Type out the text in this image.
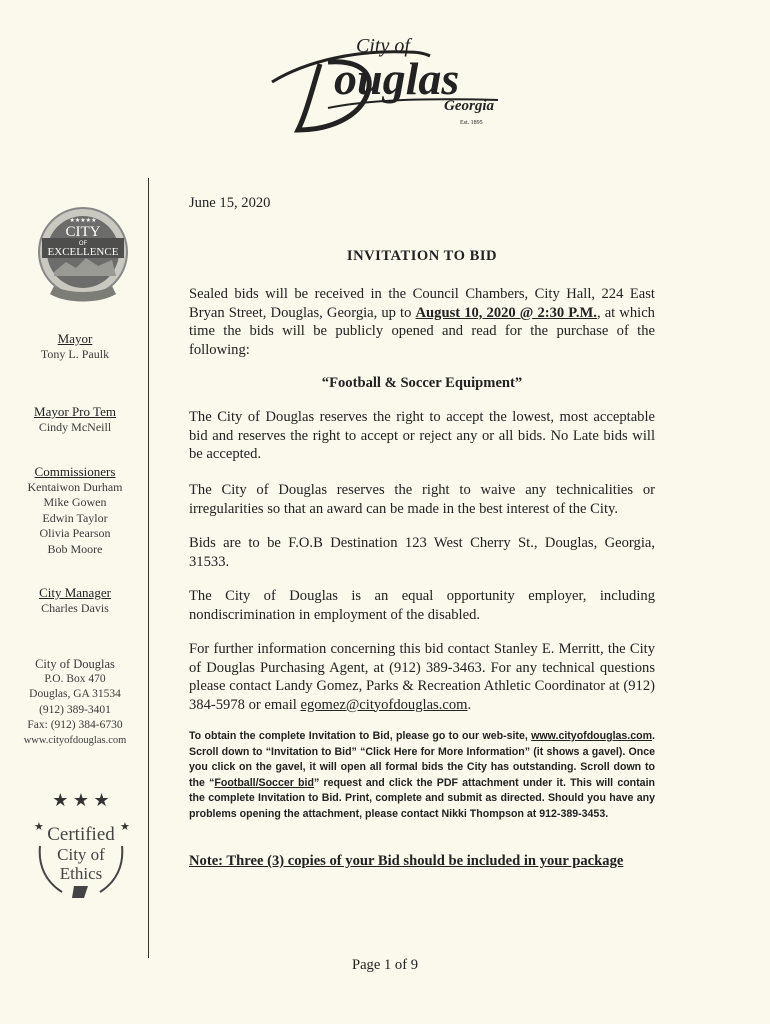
City of
ouglas
Georgia
Est. 1895
CITY
OF
EXCELLENCE
★★★★★
Mayor
Tony L. Paulk
Mayor Pro Tem
Cindy McNeill
Commissioners
Kentaiwon Durham
Mike Gowen
Edwin Taylor
Olivia Pearson
Bob Moore
City Manager
Charles Davis
City of Douglas
P.O. Box 470
Douglas, GA 31534
(912) 389-3401
Fax: (912) 384-6730
www.cityofdouglas.com
★ ★ ★
★	★
Certified
City of
Ethics
June 15, 2020
INVITATION TO BID
Sealed bids will be received in the Council Chambers, City Hall, 224 East Bryan Street, Douglas, Georgia, up to August 10, 2020 @ 2:30 P.M., at which time the bids will be publicly opened and read for the purchase of the following:
“Football & Soccer Equipment”
The City of Douglas reserves the right to accept the lowest, most acceptable bid and reserves the right to accept or reject any or all bids. No Late bids will be accepted.
The City of Douglas reserves the right to waive any technicalities or irregularities so that an award can be made in the best interest of the City.
Bids are to be F.O.B Destination 123 West Cherry St., Douglas, Georgia, 31533.
The City of Douglas is an equal opportunity employer, including nondiscrimination in employment of the disabled.
For further information concerning this bid contact Stanley E. Merritt, the City of Douglas Purchasing Agent, at (912) 389-3463. For any technical questions please contact Landy Gomez, Parks & Recreation Athletic Coordinator at (912) 384-5978 or email egomez@cityofdouglas.com.
To obtain the complete Invitation to Bid, please go to our web-site, www.cityofdouglas.com. Scroll down to “Invitation to Bid” “Click Here for More Information” (it shows a gavel). Once you click on the gavel, it will open all formal bids the City has outstanding. Scroll down to the “Football/Soccer bid” request and click the PDF attachment under it. This will contain the complete Invitation to Bid. Print, complete and submit as directed. Should you have any problems opening the attachment, please contact Nikki Thompson at 912-389-3453.
Note: Three (3) copies of your Bid should be included in your package
Page 1 of 9
